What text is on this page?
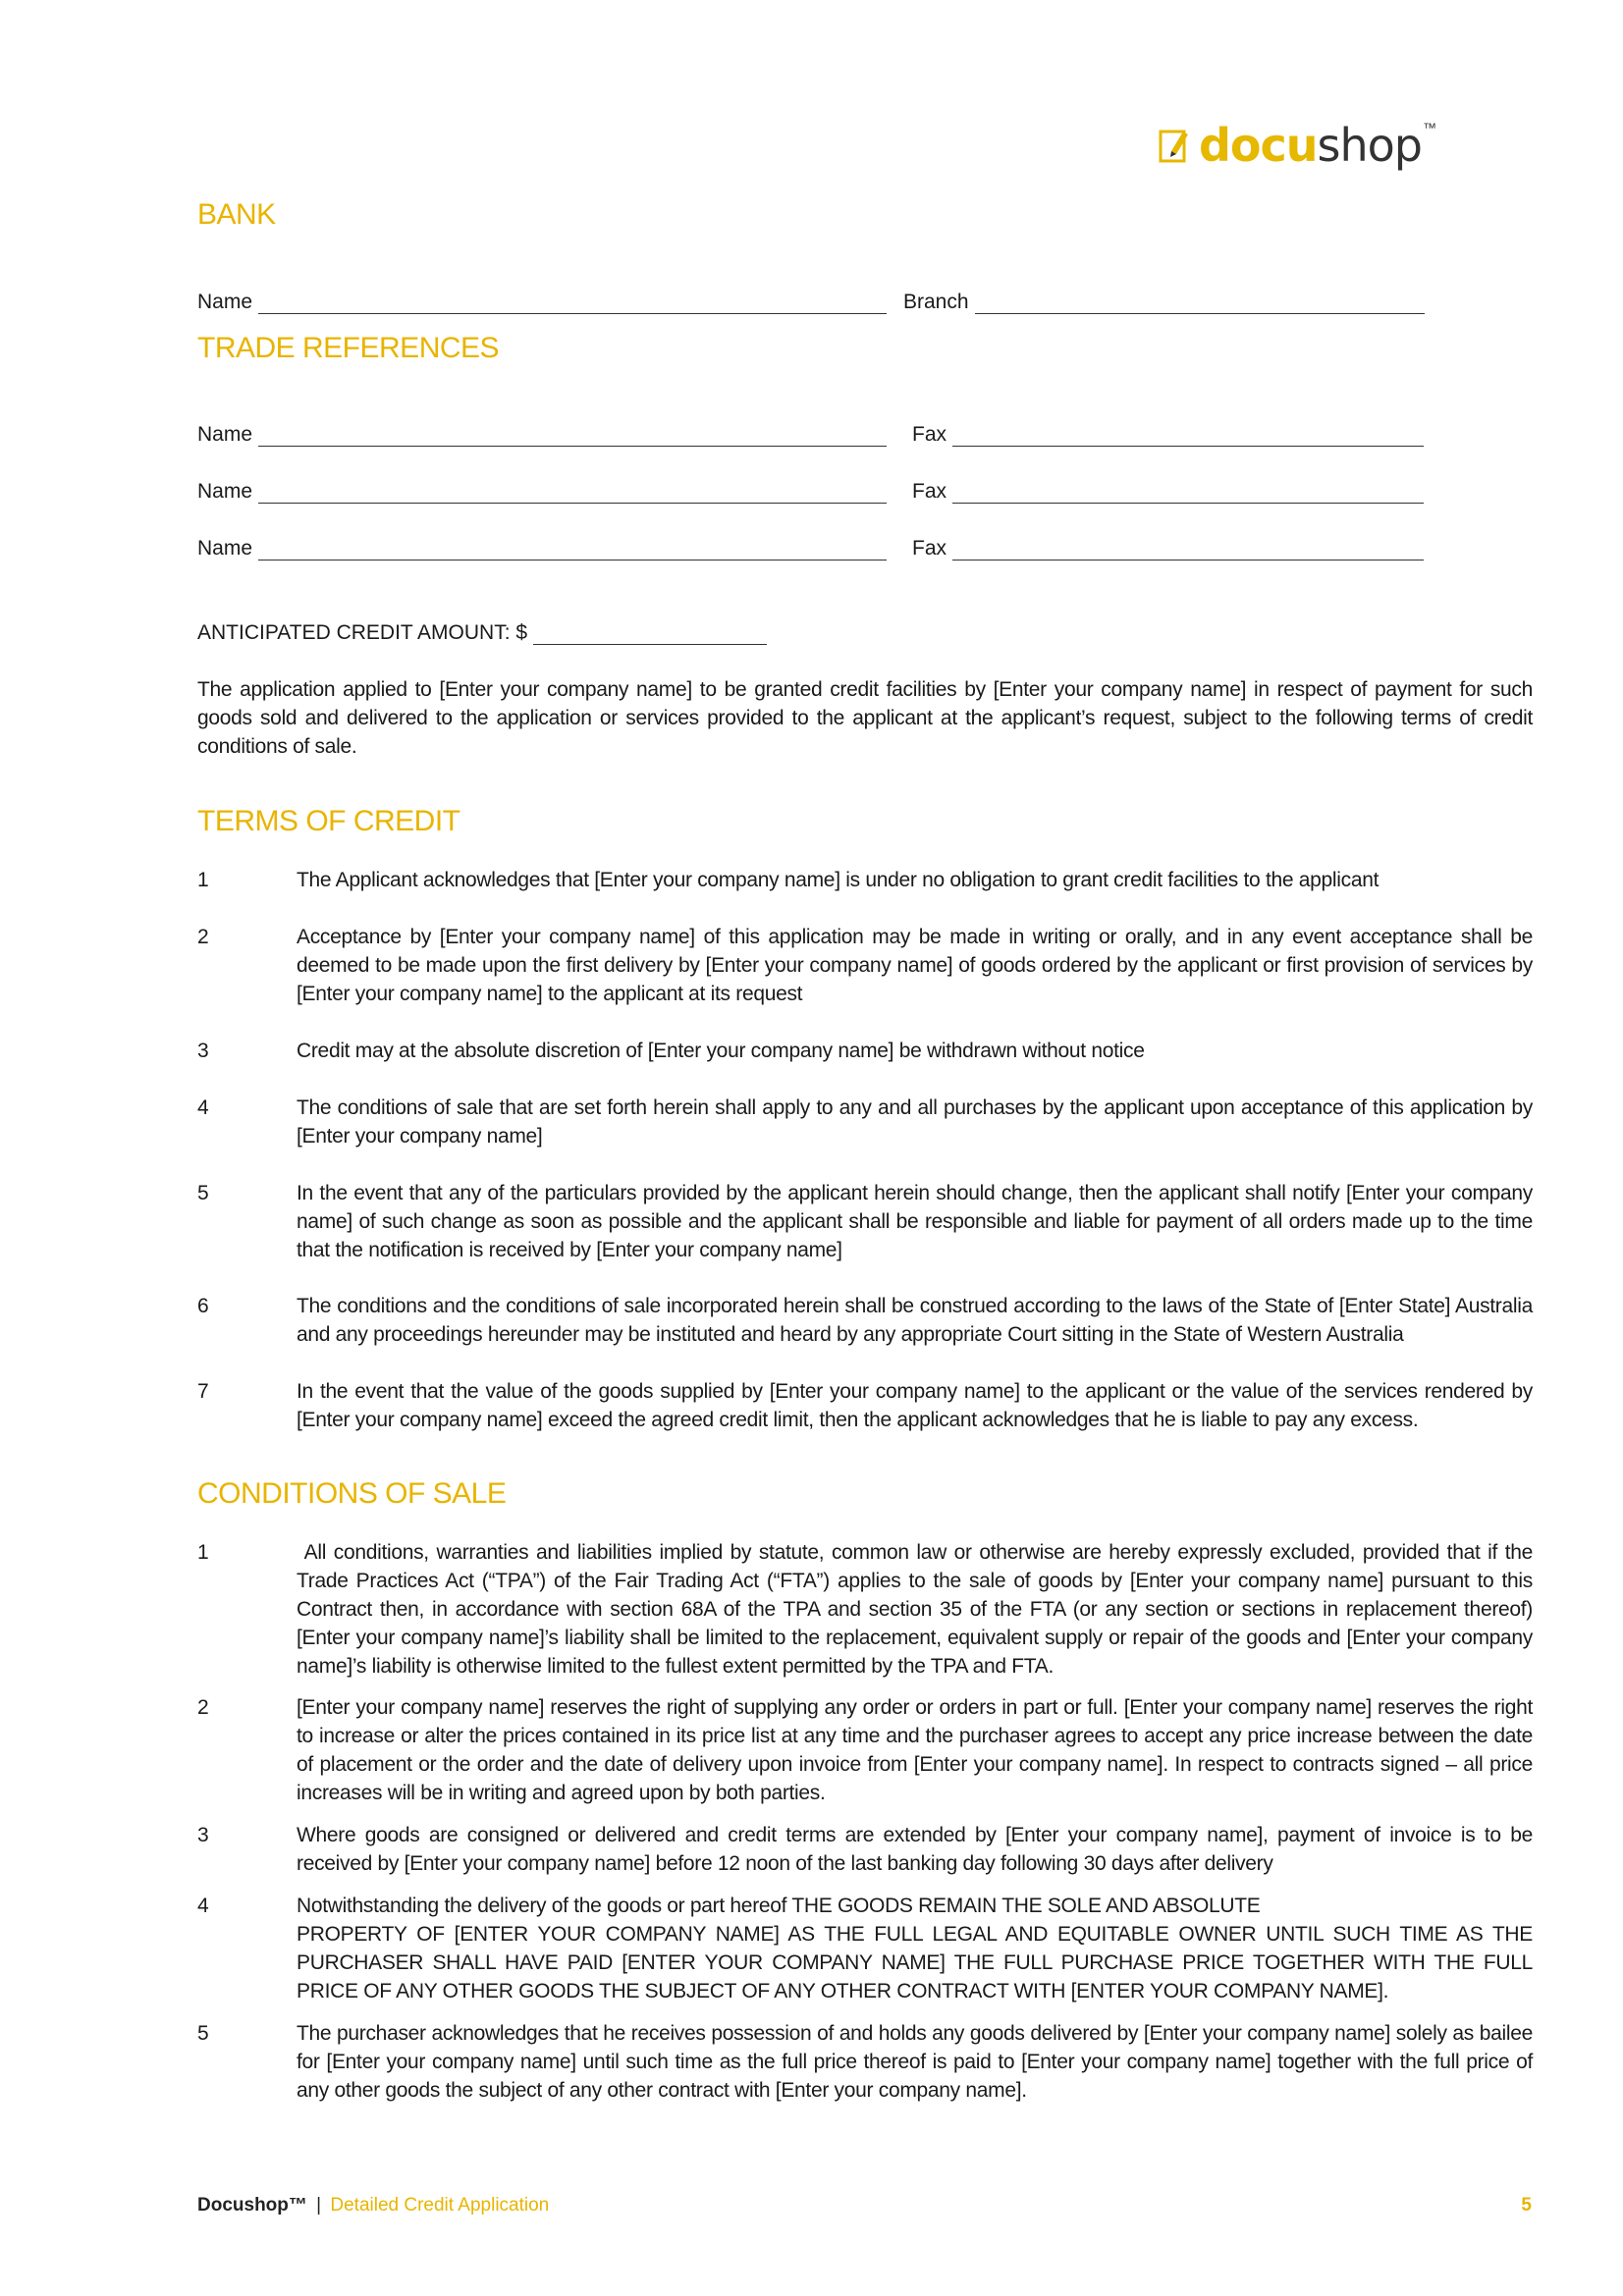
docu shop ™
BANK
Name	Branch
TRADE REFERENCES
Name	Fax
Name	Fax
Name	Fax
ANTICIPATED CREDIT AMOUNT: $
The application applied to [Enter your company name] to be granted credit facilities by [Enter your company name] in respect of payment for such goods sold and delivered to the application or services provided to the applicant at the applicant’s request, subject to the following terms of credit conditions of sale.
TERMS OF CREDIT
1	The Applicant acknowledges that [Enter your company name] is under no obligation to grant credit facilities to the applicant
2	Acceptance by [Enter your company name] of this application may be made in writing or orally, and in any event acceptance shall be deemed to be made upon the first delivery by [Enter your company name] of goods ordered by the applicant or first provision of services by [Enter your company name] to the applicant at its request
3	Credit may at the absolute discretion of [Enter your company name] be withdrawn without notice
4	The conditions of sale that are set forth herein shall apply to any and all purchases by the applicant upon acceptance of this application by [Enter your company name]
5	In the event that any of the particulars provided by the applicant herein should change, then the applicant shall notify [Enter your company name] of such change as soon as possible and the applicant shall be responsible and liable for payment of all orders made up to the time that the notification is received by [Enter your company name]
6	The conditions and the conditions of sale incorporated herein shall be construed according to the laws of the State of [Enter State] Australia and any proceedings hereunder may be instituted and heard by any appropriate Court sitting in the State of Western Australia
7	In the event that the value of the goods supplied by [Enter your company name] to the applicant or the value of the services rendered by [Enter your company name] exceed the agreed credit limit, then the applicant acknowledges that he is liable to pay any excess.
CONDITIONS OF SALE
1	All conditions, warranties and liabilities implied by statute, common law or otherwise are hereby expressly excluded, provided that if the Trade Practices Act (“TPA”) of the Fair Trading Act (“FTA”) applies to the sale of goods by [Enter your company name] pursuant to this Contract then, in accordance with section 68A of the TPA and section 35 of the FTA (or any section or sections in replacement thereof) [Enter your company name]’s liability shall be limited to the replacement, equivalent supply or repair of the goods and [Enter your company name]’s liability is otherwise limited to the fullest extent permitted by the TPA and FTA.
2	[Enter your company name] reserves the right of supplying any order or orders in part or full. [Enter your company name] reserves the right to increase or alter the prices contained in its price list at any time and the purchaser agrees to accept any price increase between the date of placement or the order and the date of delivery upon invoice from [Enter your company name]. In respect to contracts signed – all price increases will be in writing and agreed upon by both parties.
3	Where goods are consigned or delivered and credit terms are extended by [Enter your company name], payment of invoice is to be received by [Enter your company name] before 12 noon of the last banking day following 30 days after delivery
4	Notwithstanding the delivery of the goods or part hereof THE GOODS REMAIN THE SOLE AND ABSOLUTE
PROPERTY OF [ENTER YOUR COMPANY NAME] AS THE FULL LEGAL AND EQUITABLE OWNER UNTIL SUCH TIME AS THE PURCHASER SHALL HAVE PAID [ENTER YOUR COMPANY NAME] THE FULL PURCHASE PRICE TOGETHER WITH THE FULL PRICE OF ANY OTHER GOODS THE SUBJECT OF ANY OTHER CONTRACT WITH [ENTER YOUR COMPANY NAME].
5	The purchaser acknowledges that he receives possession of and holds any goods delivered by [Enter your company name] solely as bailee for [Enter your company name] until such time as the full price thereof is paid to [Enter your company name] together with the full price of any other goods the subject of any other contract with [Enter your company name].
Docushop™ | Detailed Credit Application	5
